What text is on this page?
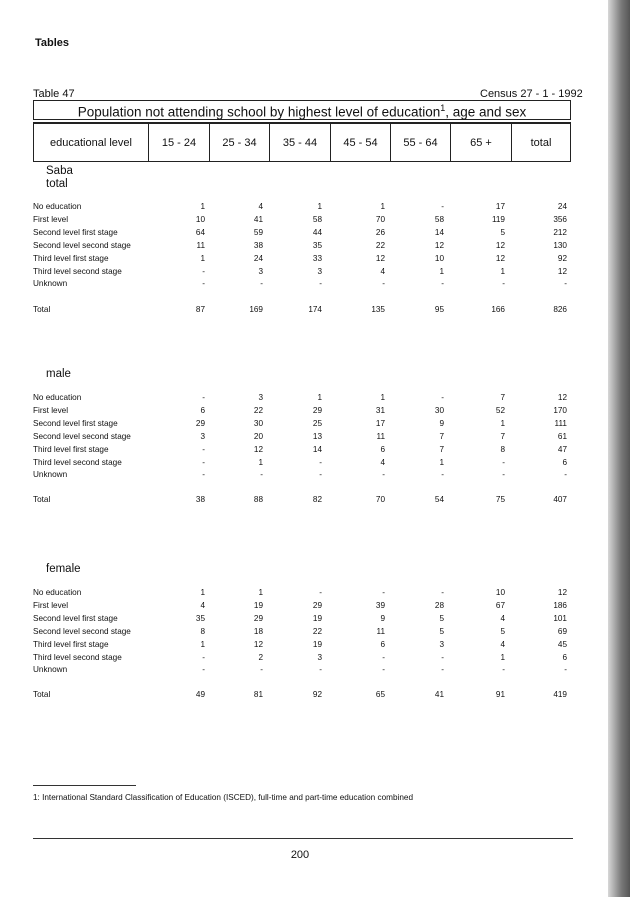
Tables
Table 47	Census 27 - 1 - 1992
Population not attending school by highest level of education$^1$, age and sex
educational level	15 - 24	25 - 34	35 - 44	45 - 54	55 - 64	65 +	total
Saba
total
No education	1	4	1	1	-	17	24
First level	10	41	58	70	58	119	356
Second level first stage	64	59	44	26	14	5	212
Second level second stage	11	38	35	22	12	12	130
Third level first stage	1	24	33	12	10	12	92
Third level second stage	-	3	3	4	1	1	12
Unknown	-	-	-	-	-	-	-
Total	87	169	174	135	95	166	826
male
No education	-	3	1	1	-	7	12
First level	6	22	29	31	30	52	170
Second level first stage	29	30	25	17	9	1	111
Second level second stage	3	20	13	11	7	7	61
Third level first stage	-	12	14	6	7	8	47
Third level second stage	-	1	-	4	1	-	6
Unknown	-	-	-	-	-	-	-
Total	38	88	82	70	54	75	407
female
No education	1	1	-	-	-	10	12
First level	4	19	29	39	28	67	186
Second level first stage	35	29	19	9	5	4	101
Second level second stage	8	18	22	11	5	5	69
Third level first stage	1	12	19	6	3	4	45
Third level second stage	-	2	3	-	-	1	6
Unknown	-	-	-	-	-	-	-
Total	49	81	92	65	41	91	419
1: International Standard Classification of Education (ISCED), full-time and part-time education combined
200
